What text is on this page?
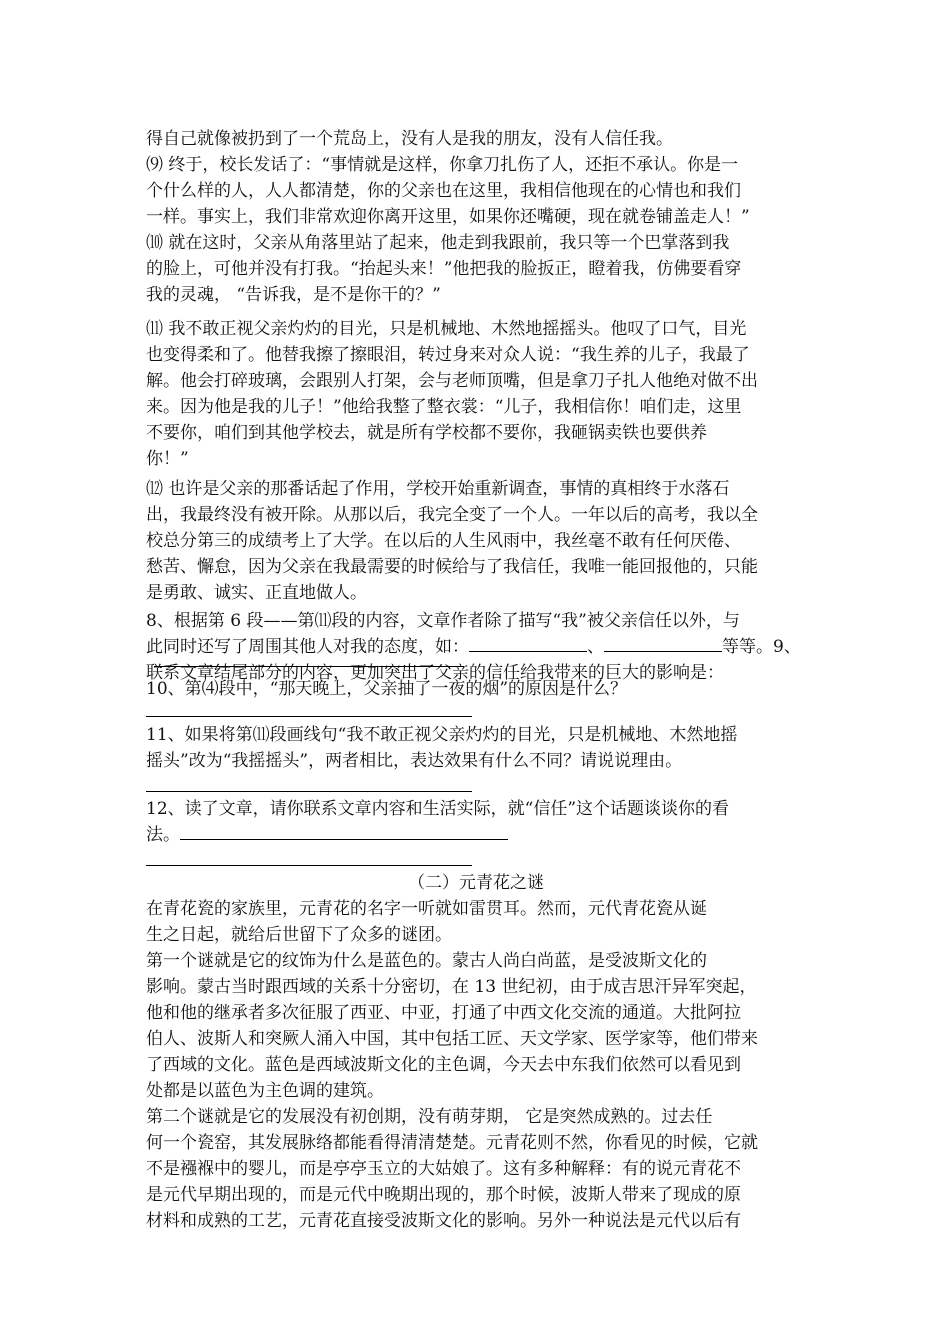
得自己就像被扔到了一个荒岛上，没有人是我的朋友，没有人信任我。
⑼ 终于，校长发话了：“事情就是这样，你拿刀扎伤了人，还拒不承认。你是一
个什么样的人，人人都清楚，你的父亲也在这里，我相信他现在的心情也和我们
一样。事实上，我们非常欢迎你离开这里，如果你还嘴硬，现在就卷铺盖走人！”
⑽ 就在这时，父亲从角落里站了起来，他走到我跟前，我只等一个巴掌落到我
的脸上，可他并没有打我。“抬起头来！”他把我的脸扳正，瞪着我，仿佛要看穿
我的灵魂， “告诉我，是不是你干的？”
⑾ 我不敢正视父亲灼灼的目光，只是机械地、木然地摇摇头。他叹了口气，目光
也变得柔和了。他替我擦了擦眼泪，转过身来对众人说：“我生养的儿子，我最了
解。他会打碎玻璃，会跟别人打架，会与老师顶嘴，但是拿刀子扎人他绝对做不出
来。因为他是我的儿子！”他给我整了整衣裳：“儿子，我相信你！咱们走，这里
不要你，咱们到其他学校去，就是所有学校都不要你，我砸锅卖铁也要供养
你！”
⑿ 也许是父亲的那番话起了作用，学校开始重新调查，事情的真相终于水落石
出，我最终没有被开除。从那以后，我完全变了一个人。一年以后的高考，我以全
校总分第三的成绩考上了大学。在以后的人生风雨中，我丝毫不敢有任何厌倦、
愁苦、懈怠，因为父亲在我最需要的时候给与了我信任，我唯一能回报他的，只能
是勇敢、诚实、正直地做人。
8、根据第 6 段——第⑾段的内容，文章作者除了描写“我”被父亲信任以外，与
此同时还写了周围其他人对我的态度，如：	、	等等。9、
联系文章结尾部分的内容，更加突出了父亲的信任给我带来的巨大的影响是：
10、第⑷段中，“那天晚上，父亲抽了一夜的烟”的原因是什么？
11、如果将第⑾段画线句“我不敢正视父亲灼灼的目光，只是机械地、木然地摇
摇头”改为“我摇摇头”，两者相比，表达效果有什么不同？请说说理由。
12、读了文章，请你联系文章内容和生活实际，就“信任”这个话题谈谈你的看
法。
（二）元青花之谜
在青花瓷的家族里，元青花的名字一听就如雷贯耳。然而，元代青花瓷从诞
生之日起，就给后世留下了众多的谜团。
第一个谜就是它的纹饰为什么是蓝色的。蒙古人尚白尚蓝，是受波斯文化的
影响。蒙古当时跟西域的关系十分密切，在 13 世纪初，由于成吉思汗异军突起，
他和他的继承者多次征服了西亚、中亚，打通了中西文化交流的通道。大批阿拉
伯人、波斯人和突厥人涌入中国，其中包括工匠、天文学家、医学家等，他们带来
了西域的文化。蓝色是西域波斯文化的主色调，今天去中东我们依然可以看见到
处都是以蓝色为主色调的建筑。
第二个谜就是它的发展没有初创期，没有萌芽期， 它是突然成熟的。过去任
何一个瓷窑，其发展脉络都能看得清清楚楚。元青花则不然，你看见的时候，它就
不是襁褓中的婴儿，而是亭亭玉立的大姑娘了。这有多种解释：有的说元青花不
是元代早期出现的，而是元代中晚期出现的，那个时候，波斯人带来了现成的原
材料和成熟的工艺，元青花直接受波斯文化的影响。另外一种说法是元代以后有
